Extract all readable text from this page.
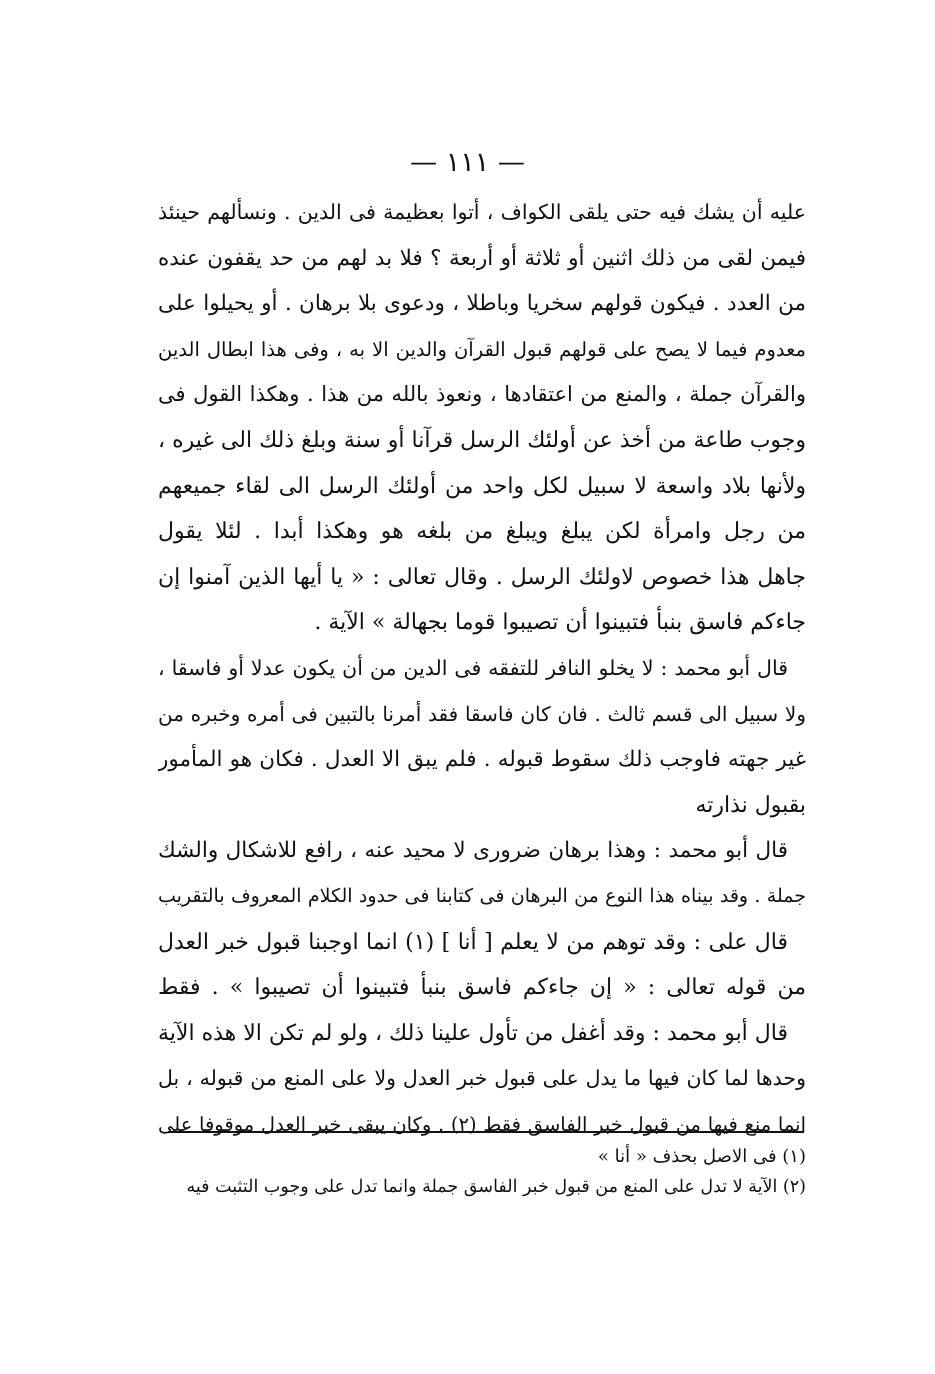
— ١١١ —
عليه أن يشك فيه حتى يلقى الكواف ، أتوا بعظيمة فى الدين . ونسألهم حينئذ
فيمن لقى من ذلك اثنين أو ثلاثة أو أربعة ؟ فلا بد لهم من حد يقفون عنده
من العدد . فيكون قولهم سخريا وباطلا ، ودعوى بلا برهان . أو يحيلوا على
معدوم فيما لا يصح على قولهم قبول القرآن والدين الا به ، وفى هذا ابطال الدين
والقرآن جملة ، والمنع من اعتقادها ، ونعوذ بالله من هذا . وهكذا القول فى
وجوب طاعة من أخذ عن أولئك الرسل قرآنا أو سنة وبلغ ذلك الى غيره ،
ولأنها بلاد واسعة لا سبيل لكل واحد من أولئك الرسل الى لقاء جميعهم
من رجل وامرأة لكن يبلغ ويبلغ من بلغه هو وهكذا أبدا . لئلا يقول
جاهل هذا خصوص لاولئك الرسل . وقال تعالى : « يا أيها الذين آمنوا إن
جاءكم فاسق بنبأ فتبينوا أن تصيبوا قوما بجهالة » الآية .
قال أبو محمد : لا يخلو النافر للتفقه فى الدين من أن يكون عدلا أو فاسقا ،
ولا سبيل الى قسم ثالث . فان كان فاسقا فقد أمرنا بالتبين فى أمره وخبره من
غير جهته فاوجب ذلك سقوط قبوله . فلم يبق الا العدل . فكان هو المأمور
بقبول نذارته
قال أبو محمد : وهذا برهان ضرورى لا محيد عنه ، رافع للاشكال والشك
جملة . وقد بيناه هذا النوع من البرهان فى كتابنا فى حدود الكلام المعروف بالتقريب
قال على : وقد توهم من لا يعلم [ أنا ] (١) انما اوجبنا قبول خبر العدل
من قوله تعالى : « إن جاءكم فاسق بنبأ فتبينوا أن تصيبوا » . فقط
قال أبو محمد : وقد أغفل من تأول علينا ذلك ، ولو لم تكن الا هذه الآية
وحدها لما كان فيها ما يدل على قبول خبر العدل ولا على المنع من قبوله ، بل
انما منع فيها من قبول خبر الفاسق فقط (٢) . وكان يبقى خبر العدل موقوفا على
(١) فى الاصل بحذف « أنا »
(٢) الآية لا تدل على المنع من قبول خبر الفاسق جملة وانما تدل على وجوب التثبت فيه
